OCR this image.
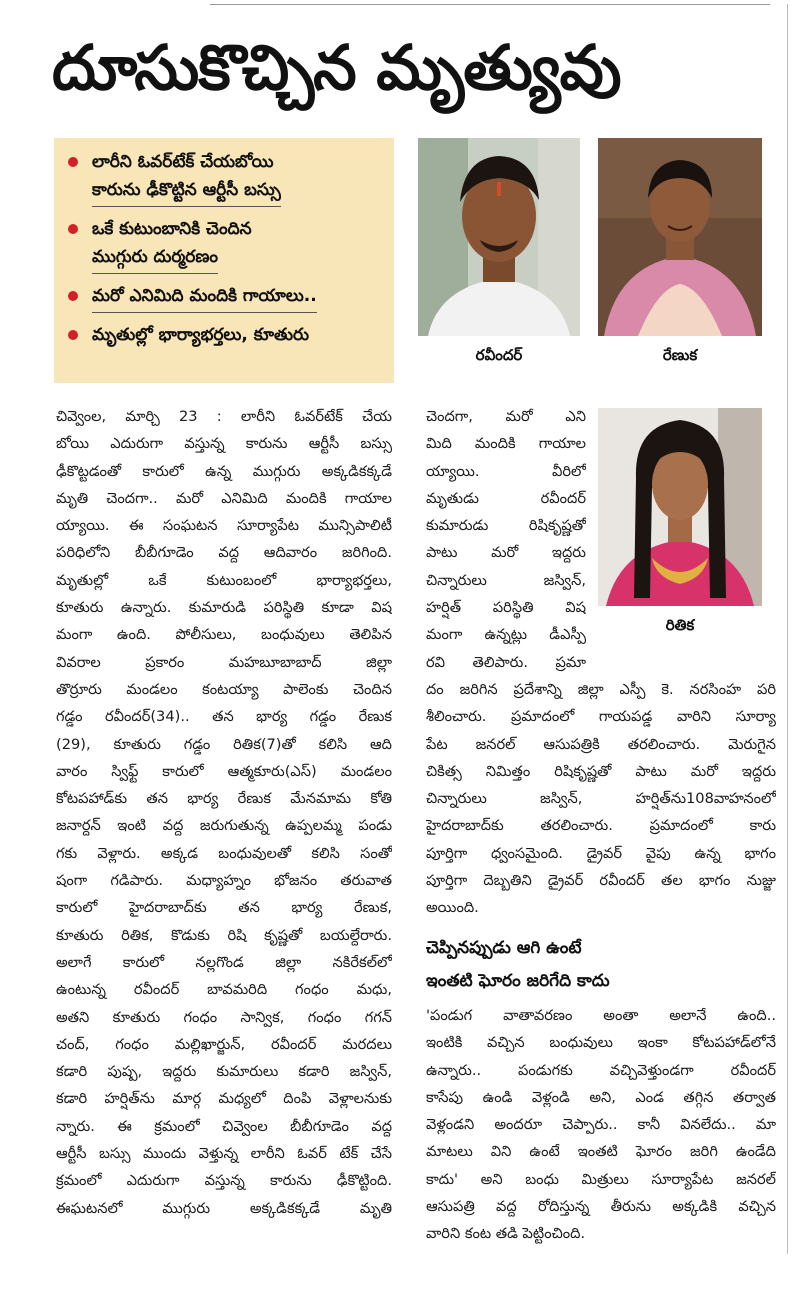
దూసుకొచ్చిన మృత్యువు
లారీని ఓవర్‌టేక్ చేయబోయి
కారును ఢీకొట్టిన ఆర్టీసీ బస్సు
ఒకే కుటుంబానికి చెందిన
ముగ్గురు దుర్మరణం
మరో ఎనిమిది మందికి గాయాలు..
మృతుల్లో భార్యాభర్తలు, కూతురు
రవీందర్	రేణుక
రితిక
చివ్వెంల, మార్చి 23 : లారీని ఓవర్‌టేక్ చేయ
బోయి ఎదురుగా వస్తున్న కారును ఆర్టీసీ బస్సు
ఢీకొట్టడంతో కారులో ఉన్న ముగ్గురు అక్కడికక్కడే
మృతి చెందగా.. మరో ఎనిమిది మందికి గాయాల
య్యాయి. ఈ సంఘటన సూర్యాపేట మున్సిపాలిటీ
పరిధిలోని బీబీగూడెం వద్ద ఆదివారం జరిగింది.
మృతుల్లో ఒకే కుటుంబంలో భార్యాభర్తలు,
కూతురు ఉన్నారు. కుమారుడి పరిస్థితి కూడా విష
మంగా ఉంది. పోలీసులు, బంధువులు తెలిపిన
వివరాల ప్రకారం మహబూబాబాద్ జిల్లా
తొర్రూరు మండలం కంటయ్యా పాలెంకు చెందిన
గడ్డం రవీందర్(34).. తన భార్య గడ్డం రేణుక
(29), కూతురు గడ్డం రితిక(7)తో కలిసి ఆది
వారం స్విఫ్ట్ కారులో ఆత్మకూరు(ఎస్) మండలం
కోటపహాడ్‌కు తన భార్య రేణుక మేనమామ కోతి
జనార్దన్ ఇంటి వద్ద జరుగుతున్న ఉప్పలమ్మ పండు
గకు వెళ్లారు. అక్కడ బంధువులతో కలిసి సంతో
షంగా గడిపారు. మధ్యాహ్నం భోజనం తరువాత
కారులో హైదరాబాద్‌కు తన భార్య రేణుక,
కూతురు రితిక, కొడుకు రిషి కృష్ణతో బయల్దేరారు.
అలాగే కారులో నల్లగొండ జిల్లా నకిరేకల్‌లో
ఉంటున్న రవీందర్ బావమరిది గంధం మధు,
అతని కూతురు గంధం సాన్విక, గంధం గగన్
చంద్, గంధం మల్లిఖార్జున్, రవీందర్ మరదలు
కడారి పుష్ప, ఇద్దరు కుమారులు కడారి జస్విన్,
కడారి హర్షిత్‌ను మార్గ మధ్యలో దింపి వెళ్లాలనుకు
న్నారు. ఈ క్రమంలో చివ్వెంల బీబీగూడెం వద్ద
ఆర్టీసీ బస్సు ముందు వెళ్తున్న లారీని ఓవర్ టేక్ చేసే
క్రమంలో ఎదురుగా వస్తున్న కారును ఢీకొట్టింది.
ఈఘటనలో ముగ్గురు అక్కడికక్కడే మృతి
చెందగా, మరో ఎని
మిది మందికి గాయాల
య్యాయి. వీరిలో
మృతుడు రవీందర్
కుమారుడు రిషికృష్ణతో
పాటు మరో ఇద్దరు
చిన్నారులు జస్విన్,
హర్షిత్ పరిస్థితి విష
మంగా ఉన్నట్లు డీఎస్పీ
రవి తెలిపారు. ప్రమా
దం జరిగిన ప్రదేశాన్ని జిల్లా ఎస్పీ కె. నరసింహ పరి
శీలించారు. ప్రమాదంలో గాయపడ్డ వారిని సూర్యా
పేట జనరల్ ఆసుపత్రికి తరలించారు. మెరుగైన
చికిత్స నిమిత్తం రిషికృష్ణతో పాటు మరో ఇద్దరు
చిన్నారులు జస్విన్, హర్షిత్‌ను108వాహనంలో
హైదరాబాద్‌కు తరలించారు. ప్రమాదంలో కారు
పూర్తిగా ధ్వంసమైంది. డ్రైవర్ వైపు ఉన్న భాగం
పూర్తిగా దెబ్బతిని డ్రైవర్ రవీందర్ తల భాగం నుజ్జు
అయింది.
చెప్పినప్పుడు ఆగి ఉంటే
ఇంతటి ఘోరం జరిగేది కాదు
'పండుగ వాతావరణం అంతా అలానే ఉంది..
ఇంటికి వచ్చిన బంధువులు ఇంకా కోటపహాడ్‌లోనే
ఉన్నారు.. పండుగకు వచ్చివెళ్తుండగా రవీందర్
కాసేపు ఉండి వెళ్లండి అని, ఎండ తగ్గిన తర్వాత
వెళ్లండని అందరూ చెప్పారు.. కానీ వినలేదు.. మా
మాటలు విని ఉంటే ఇంతటి ఘోరం జరిగి ఉండేది
కాదు' అని బంధు మిత్రులు సూర్యాపేట జనరల్
ఆసుపత్రి వద్ద రోదిస్తున్న తీరును అక్కడికి వచ్చిన
వారిని కంట తడి పెట్టించింది.
